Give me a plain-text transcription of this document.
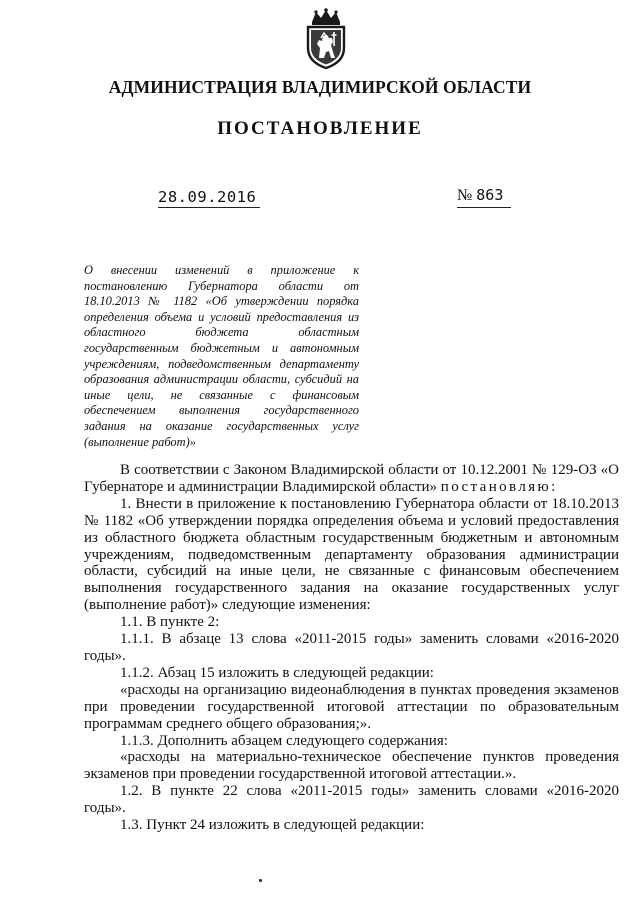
АДМИНИСТРАЦИЯ ВЛАДИМИРСКОЙ ОБЛАСТИ
ПОСТАНОВЛЕНИЕ
28.09.2016	№ 863
О внесении изменений в приложение к постановлению Губернатора области от 18.10.2013 № 1182 «Об утверждении порядка определения объема и условий предоставления из областного бюджета областным государственным бюджетным и автономным учреждениям, подведомственным департаменту образования администрации области, субсидий на иные цели, не связанные с финансовым обеспечением выполнения государственного задания на оказание государственных услуг (выполнение работ)»

В соответствии с Законом Владимирской области от 10.12.2001 № 129-ОЗ «О Губернаторе и администрации Владимирской области» постановляю:

1. Внести в приложение к постановлению Губернатора области от 18.10.2013 № 1182 «Об утверждении порядка определения объема и условий предоставления из областного бюджета областным государственным бюджетным и автономным учреждениям, подведомственным департаменту образования администрации области, субсидий на иные цели, не связанные с финансовым обеспечением выполнения государственного задания на оказание государственных услуг (выполнение работ)» следующие изменения:

1.1. В пункте 2:

1.1.1. В абзаце 13 слова «2011-2015 годы» заменить словами «2016-2020 годы».

1.1.2. Абзац 15 изложить в следующей редакции:

«расходы на организацию видеонаблюдения в пунктах проведения экзаменов при проведении государственной итоговой аттестации по образовательным программам среднего общего образования;».

1.1.3. Дополнить абзацем следующего содержания:

«расходы на материально-техническое обеспечение пунктов проведения экзаменов при проведении государственной итоговой аттестации.».

1.2. В пункте 22 слова «2011-2015 годы» заменить словами «2016-2020 годы».

1.3. Пункт 24 изложить в следующей редакции:
